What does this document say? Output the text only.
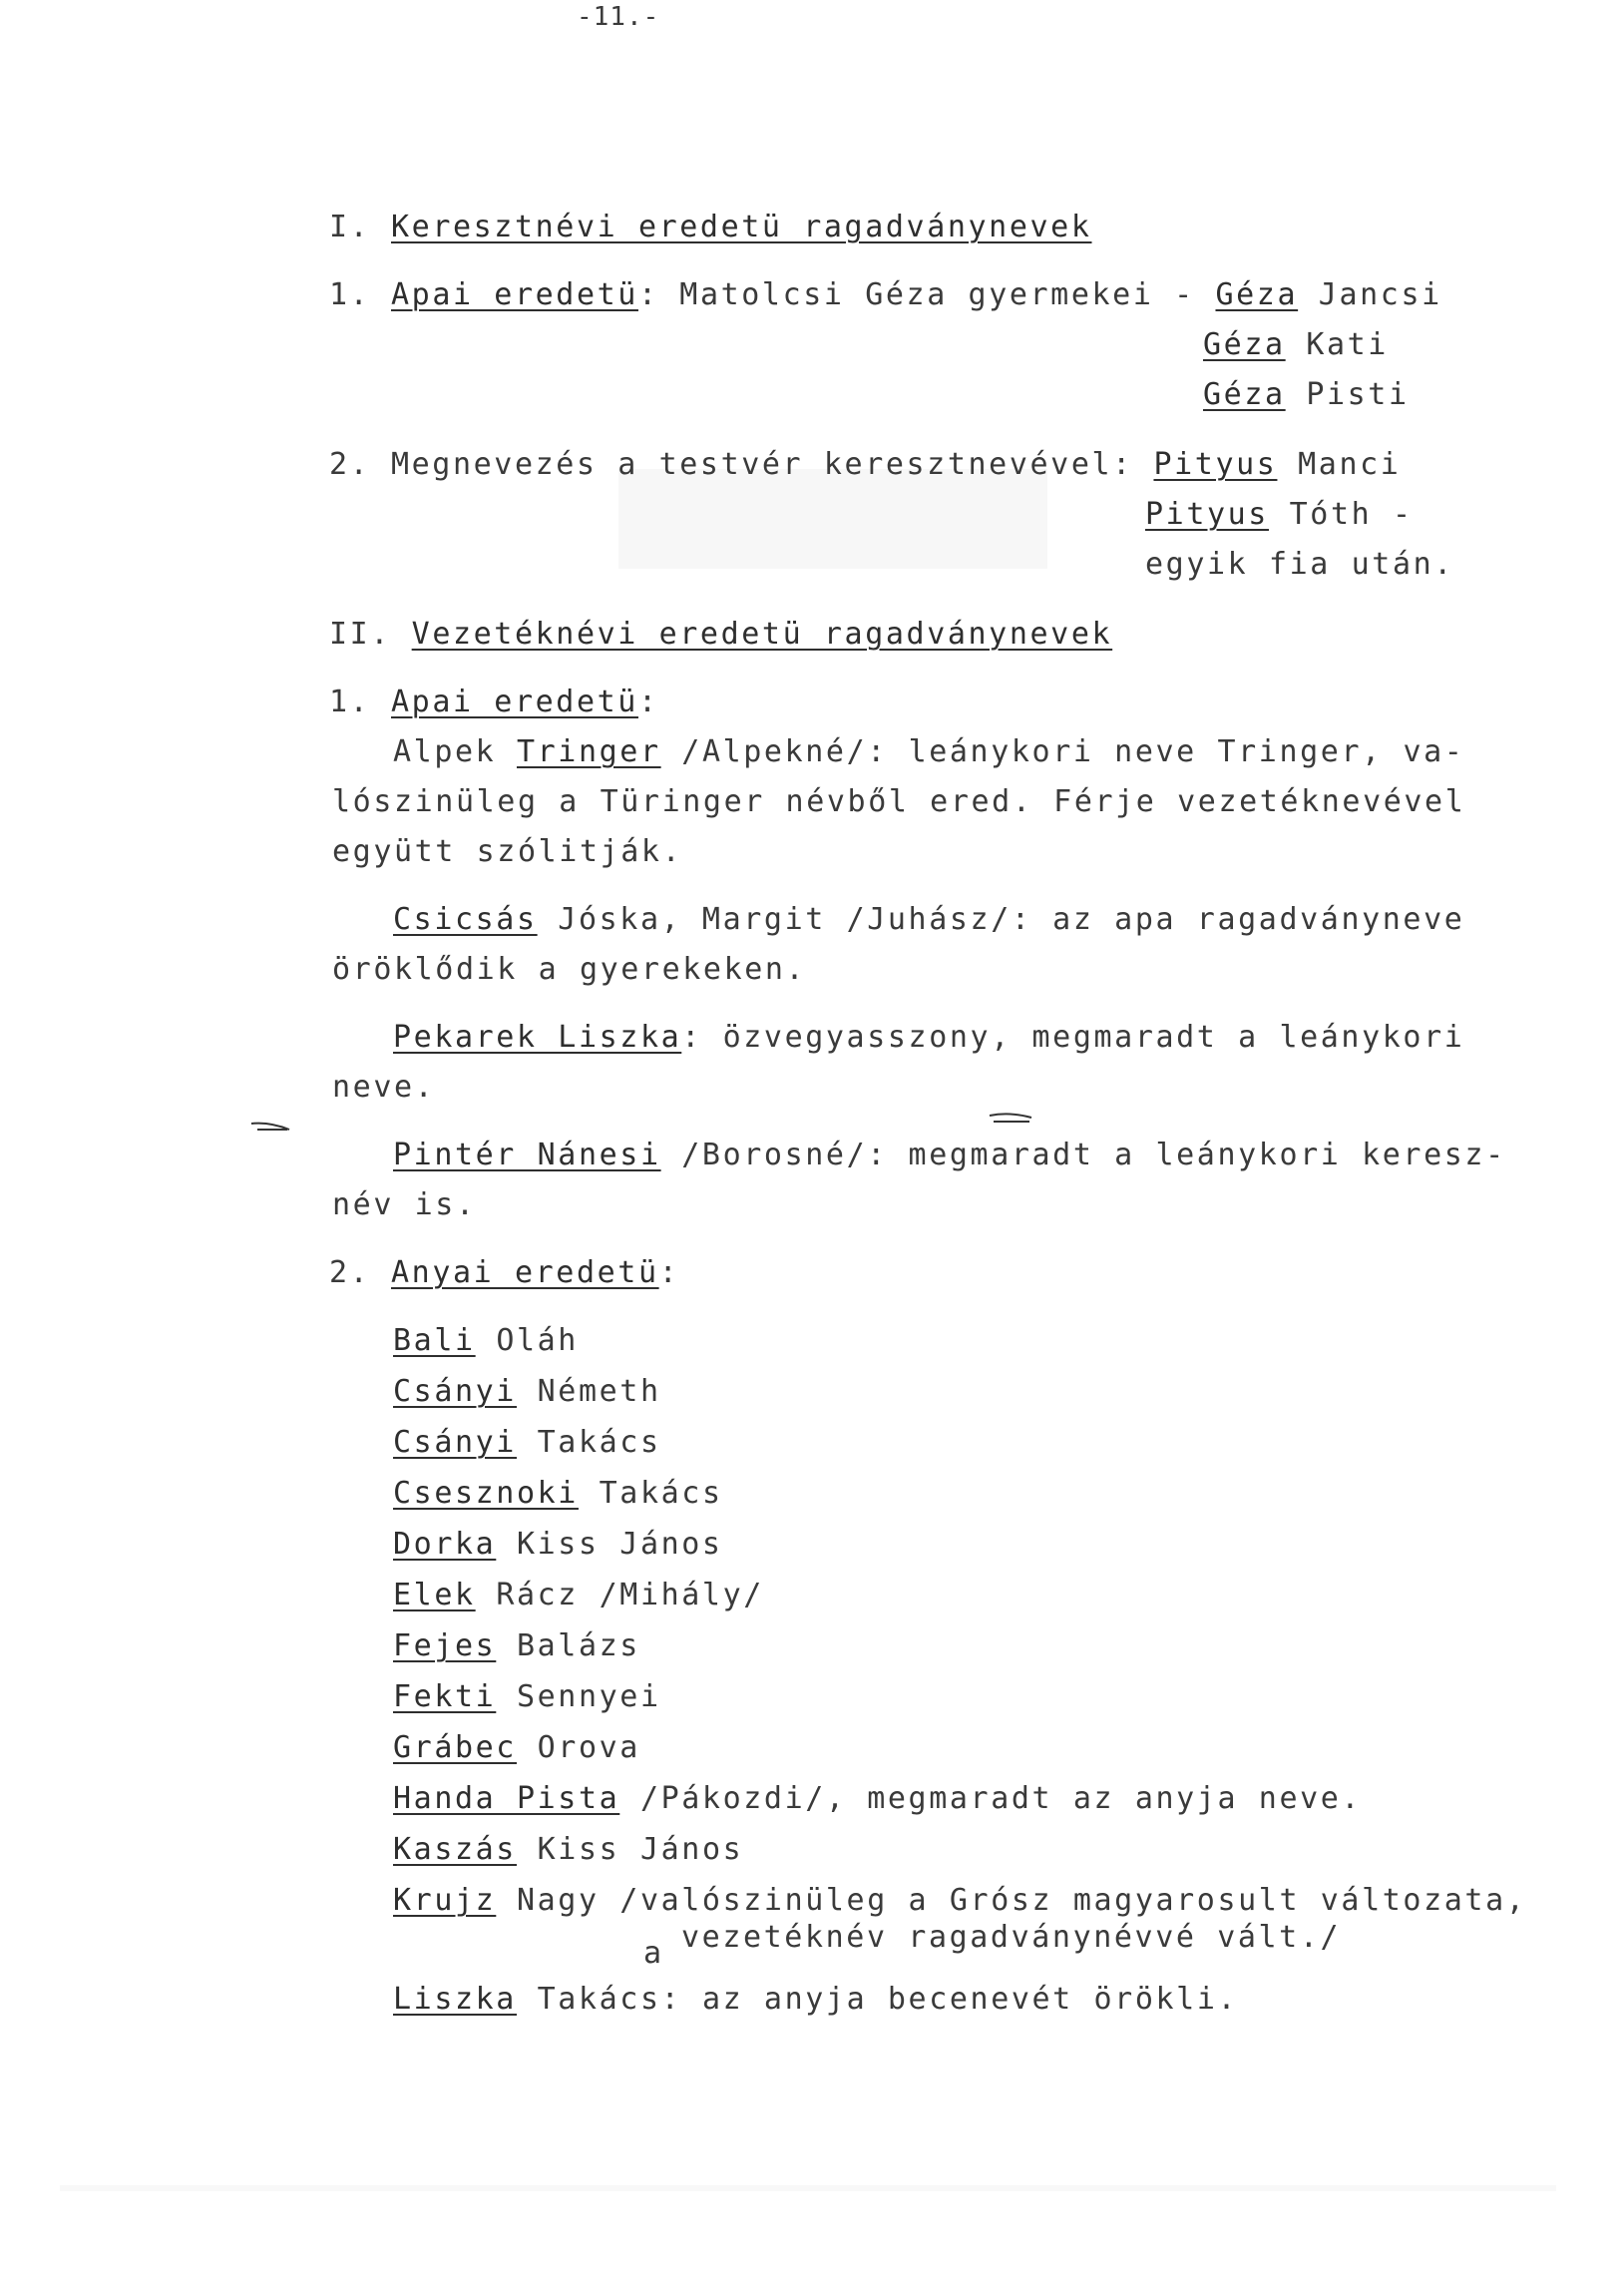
-11.-
I. Keresztnévi eredetü ragadványnevek
1. Apai eredetü: Matolcsi Géza gyermekei - Géza Jancsi
Géza Kati
Géza Pisti
2. Megnevezés a testvér keresztnevével: Pityus Manci
Pityus Tóth -
egyik fia után.
II. Vezetéknévi eredetü ragadványnevek
1. Apai eredetü:
Alpek Tringer /Alpekné/: leánykori neve Tringer, va-
lószinüleg a Türinger névből ered. Férje vezetéknevével
együtt szólitják.
Csicsás Jóska, Margit /Juhász/: az apa ragadványneve
öröklődik a gyerekeken.
Pekarek Liszka: özvegyasszony, megmaradt a leánykori
neve.
Pintér Nánesi /Borosné/: megmaradt a leánykori keresz-
név is.
2. Anyai eredetü:
Bali Oláh
Csányi Németh
Csányi Takács
Csesznoki Takács
Dorka Kiss János
Elek Rácz /Mihály/
Fejes Balázs
Fekti Sennyei
Grábec Orova
Handa Pista /Pákozdi/, megmaradt az anyja neve.
Kaszás Kiss János
Krujz Nagy /valószinüleg a Grósz magyarosult változata,
vezetéknév ragadványnévvé vált./
a
Liszka Takács: az anyja becenevét örökli.
